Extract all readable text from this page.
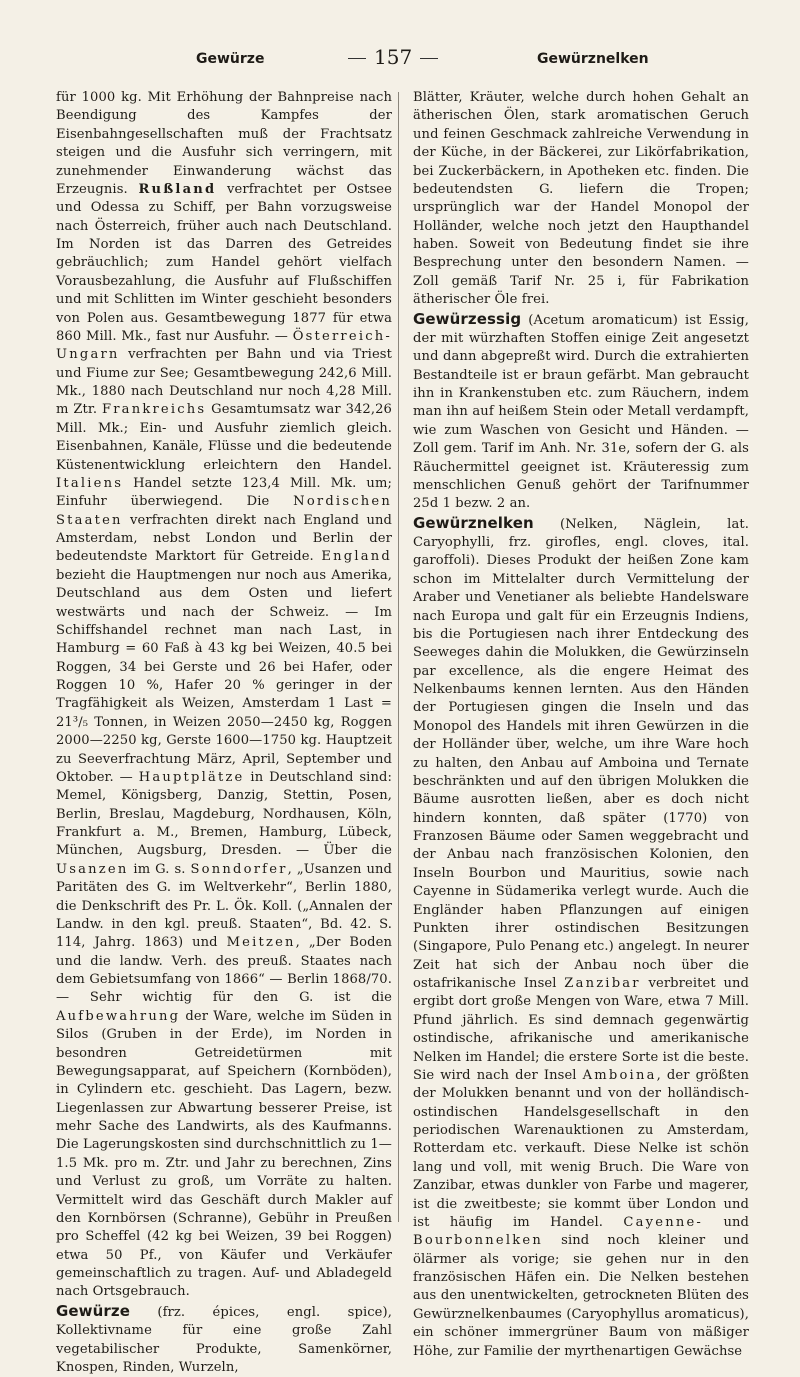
Gewürze	157	Gewürznelken

für 1000 kg. Mit Erhöhung der Bahnpreise nach Beendigung des Kampfes der Eisenbahngesellschaften muß der Frachtsatz steigen und die Ausfuhr sich verringern, mit zunehmender Einwanderung wächst das Erzeugnis. Rußland verfrachtet per Ostsee und Odessa zu Schiff, per Bahn vorzugsweise nach Österreich, früher auch nach Deutschland. Im Norden ist das Darren des Getreides gebräuchlich; zum Handel gehört vielfach Vorausbezahlung, die Ausfuhr auf Flußschiffen und mit Schlitten im Winter geschieht besonders von Polen aus. Gesamtbewegung 1877 für etwa 860 Mill. Mk., fast nur Ausfuhr. — Österreich-Ungarn verfrachten per Bahn und via Triest und Fiume zur See; Gesamtbewegung 242,6 Mill. Mk., 1880 nach Deutschland nur noch 4,28 Mill. m Ztr. Frankreichs Gesamtumsatz war 342,26 Mill. Mk.; Ein- und Ausfuhr ziemlich gleich. Eisenbahnen, Kanäle, Flüsse und die bedeutende Küstenentwicklung erleichtern den Handel. Italiens Handel setzte 123,4 Mill. Mk. um; Einfuhr überwiegend. Die Nordischen Staaten verfrachten direkt nach England und Amsterdam, nebst London und Berlin der bedeutendste Marktort für Getreide. England bezieht die Hauptmengen nur noch aus Amerika, Deutschland aus dem Osten und liefert westwärts und nach der Schweiz. — Im Schiffshandel rechnet man nach Last, in Hamburg = 60 Faß à 43 kg bei Weizen, 40.5 bei Roggen, 34 bei Gerste und 26 bei Hafer, oder Roggen 10 %, Hafer 20 % geringer in der Tragfähigkeit als Weizen, Amsterdam 1 Last = 21³/₅ Tonnen, in Weizen 2050—2450 kg, Roggen 2000—2250 kg, Gerste 1600—1750 kg. Hauptzeit zu Seeverfrachtung März, April, September und Oktober. — Hauptplätze in Deutschland sind: Memel, Königsberg, Danzig, Stettin, Posen, Berlin, Breslau, Magdeburg, Nordhausen, Köln, Frankfurt a. M., Bremen, Hamburg, Lübeck, München, Augsburg, Dresden. — Über die Usanzen im G. s. Sonndorfer, „Usanzen und Paritäten des G. im Weltverkehr“, Berlin 1880, die Denkschrift des Pr. L. Ök. Koll. („Annalen der Landw. in den kgl. preuß. Staaten“, Bd. 42. S. 114, Jahrg. 1863) und Meitzen, „Der Boden und die landw. Verh. des preuß. Staates nach dem Gebietsumfang von 1866“ — Berlin 1868/70. — Sehr wichtig für den G. ist die Aufbewahrung der Ware, welche im Süden in Silos (Gruben in der Erde), im Norden in besondren Getreidetürmen mit Bewegungsapparat, auf Speichern (Kornböden), in Cylindern etc. geschieht. Das Lagern, bezw. Liegenlassen zur Abwartung besserer Preise, ist mehr Sache des Landwirts, als des Kaufmanns. Die Lagerungskosten sind durchschnittlich zu 1—1.5 Mk. pro m. Ztr. und Jahr zu berechnen, Zins und Verlust zu groß, um Vorräte zu halten. Vermittelt wird das Geschäft durch Makler auf den Kornbörsen (Schranne), Gebühr in Preußen pro Scheffel (42 kg bei Weizen, 39 bei Roggen) etwa 50 Pf., von Käufer und Verkäufer gemeinschaftlich zu tragen. Auf- und Abladegeld nach Ortsgebrauch.

Gewürze (frz. épices, engl. spice), Kollektivname für eine große Zahl vegetabilischer Produkte, Samenkörner, Knospen, Rinden, Wurzeln,

Blätter, Kräuter, welche durch hohen Gehalt an ätherischen Ölen, stark aromatischen Geruch und feinen Geschmack zahlreiche Verwendung in der Küche, in der Bäckerei, zur Likörfabrikation, bei Zuckerbäckern, in Apotheken etc. finden. Die bedeutendsten G. liefern die Tropen; ursprünglich war der Handel Monopol der Holländer, welche noch jetzt den Haupthandel haben. Soweit von Bedeutung findet sie ihre Besprechung unter den besondern Namen. — Zoll gemäß Tarif Nr. 25 i, für Fabrikation ätherischer Öle frei.

Gewürzessig (Acetum aromaticum) ist Essig, der mit würzhaften Stoffen einige Zeit angesetzt und dann abgepreßt wird. Durch die extrahierten Bestandteile ist er braun gefärbt. Man gebraucht ihn in Krankenstuben etc. zum Räuchern, indem man ihn auf heißem Stein oder Metall verdampft, wie zum Waschen von Gesicht und Händen. — Zoll gem. Tarif im Anh. Nr. 31e, sofern der G. als Räuchermittel geeignet ist. Kräuteressig zum menschlichen Genuß gehört der Tarifnummer 25d 1 bezw. 2 an.

Gewürznelken (Nelken, Näglein, lat. Caryophylli, frz. girofles, engl. cloves, ital. garoffoli). Dieses Produkt der heißen Zone kam schon im Mittelalter durch Vermittelung der Araber und Venetianer als beliebte Handelsware nach Europa und galt für ein Erzeugnis Indiens, bis die Portugiesen nach ihrer Entdeckung des Seeweges dahin die Molukken, die Gewürzinseln par excellence, als die engere Heimat des Nelkenbaums kennen lernten. Aus den Händen der Portugiesen gingen die Inseln und das Monopol des Handels mit ihren Gewürzen in die der Holländer über, welche, um ihre Ware hoch zu halten, den Anbau auf Amboina und Ternate beschränkten und auf den übrigen Molukken die Bäume ausrotten ließen, aber es doch nicht hindern konnten, daß später (1770) von Franzosen Bäume oder Samen weggebracht und der Anbau nach französischen Kolonien, den Inseln Bourbon und Mauritius, sowie nach Cayenne in Südamerika verlegt wurde. Auch die Engländer haben Pflanzungen auf einigen Punkten ihrer ostindischen Besitzungen (Singapore, Pulo Penang etc.) angelegt. In neurer Zeit hat sich der Anbau noch über die ostafrikanische Insel Zanzibar verbreitet und ergibt dort große Mengen von Ware, etwa 7 Mill. Pfund jährlich. Es sind demnach gegenwärtig ostindische, afrikanische und amerikanische Nelken im Handel; die erstere Sorte ist die beste. Sie wird nach der Insel Amboina, der größten der Molukken benannt und von der holländisch-ostindischen Handelsgesellschaft in den periodischen Warenauktionen zu Amsterdam, Rotterdam etc. verkauft. Diese Nelke ist schön lang und voll, mit wenig Bruch. Die Ware von Zanzibar, etwas dunkler von Farbe und magerer, ist die zweitbeste; sie kommt über London und ist häufig im Handel. Cayenne- und Bourbonnelken sind noch kleiner und ölärmer als vorige; sie gehen nur in den französischen Häfen ein. Die Nelken bestehen aus den unentwickelten, getrockneten Blüten des Gewürznelkenbaumes (Caryophyllus aromaticus), ein schöner immergrüner Baum von mäßiger Höhe, zur Familie der myrthenartigen Gewächse
